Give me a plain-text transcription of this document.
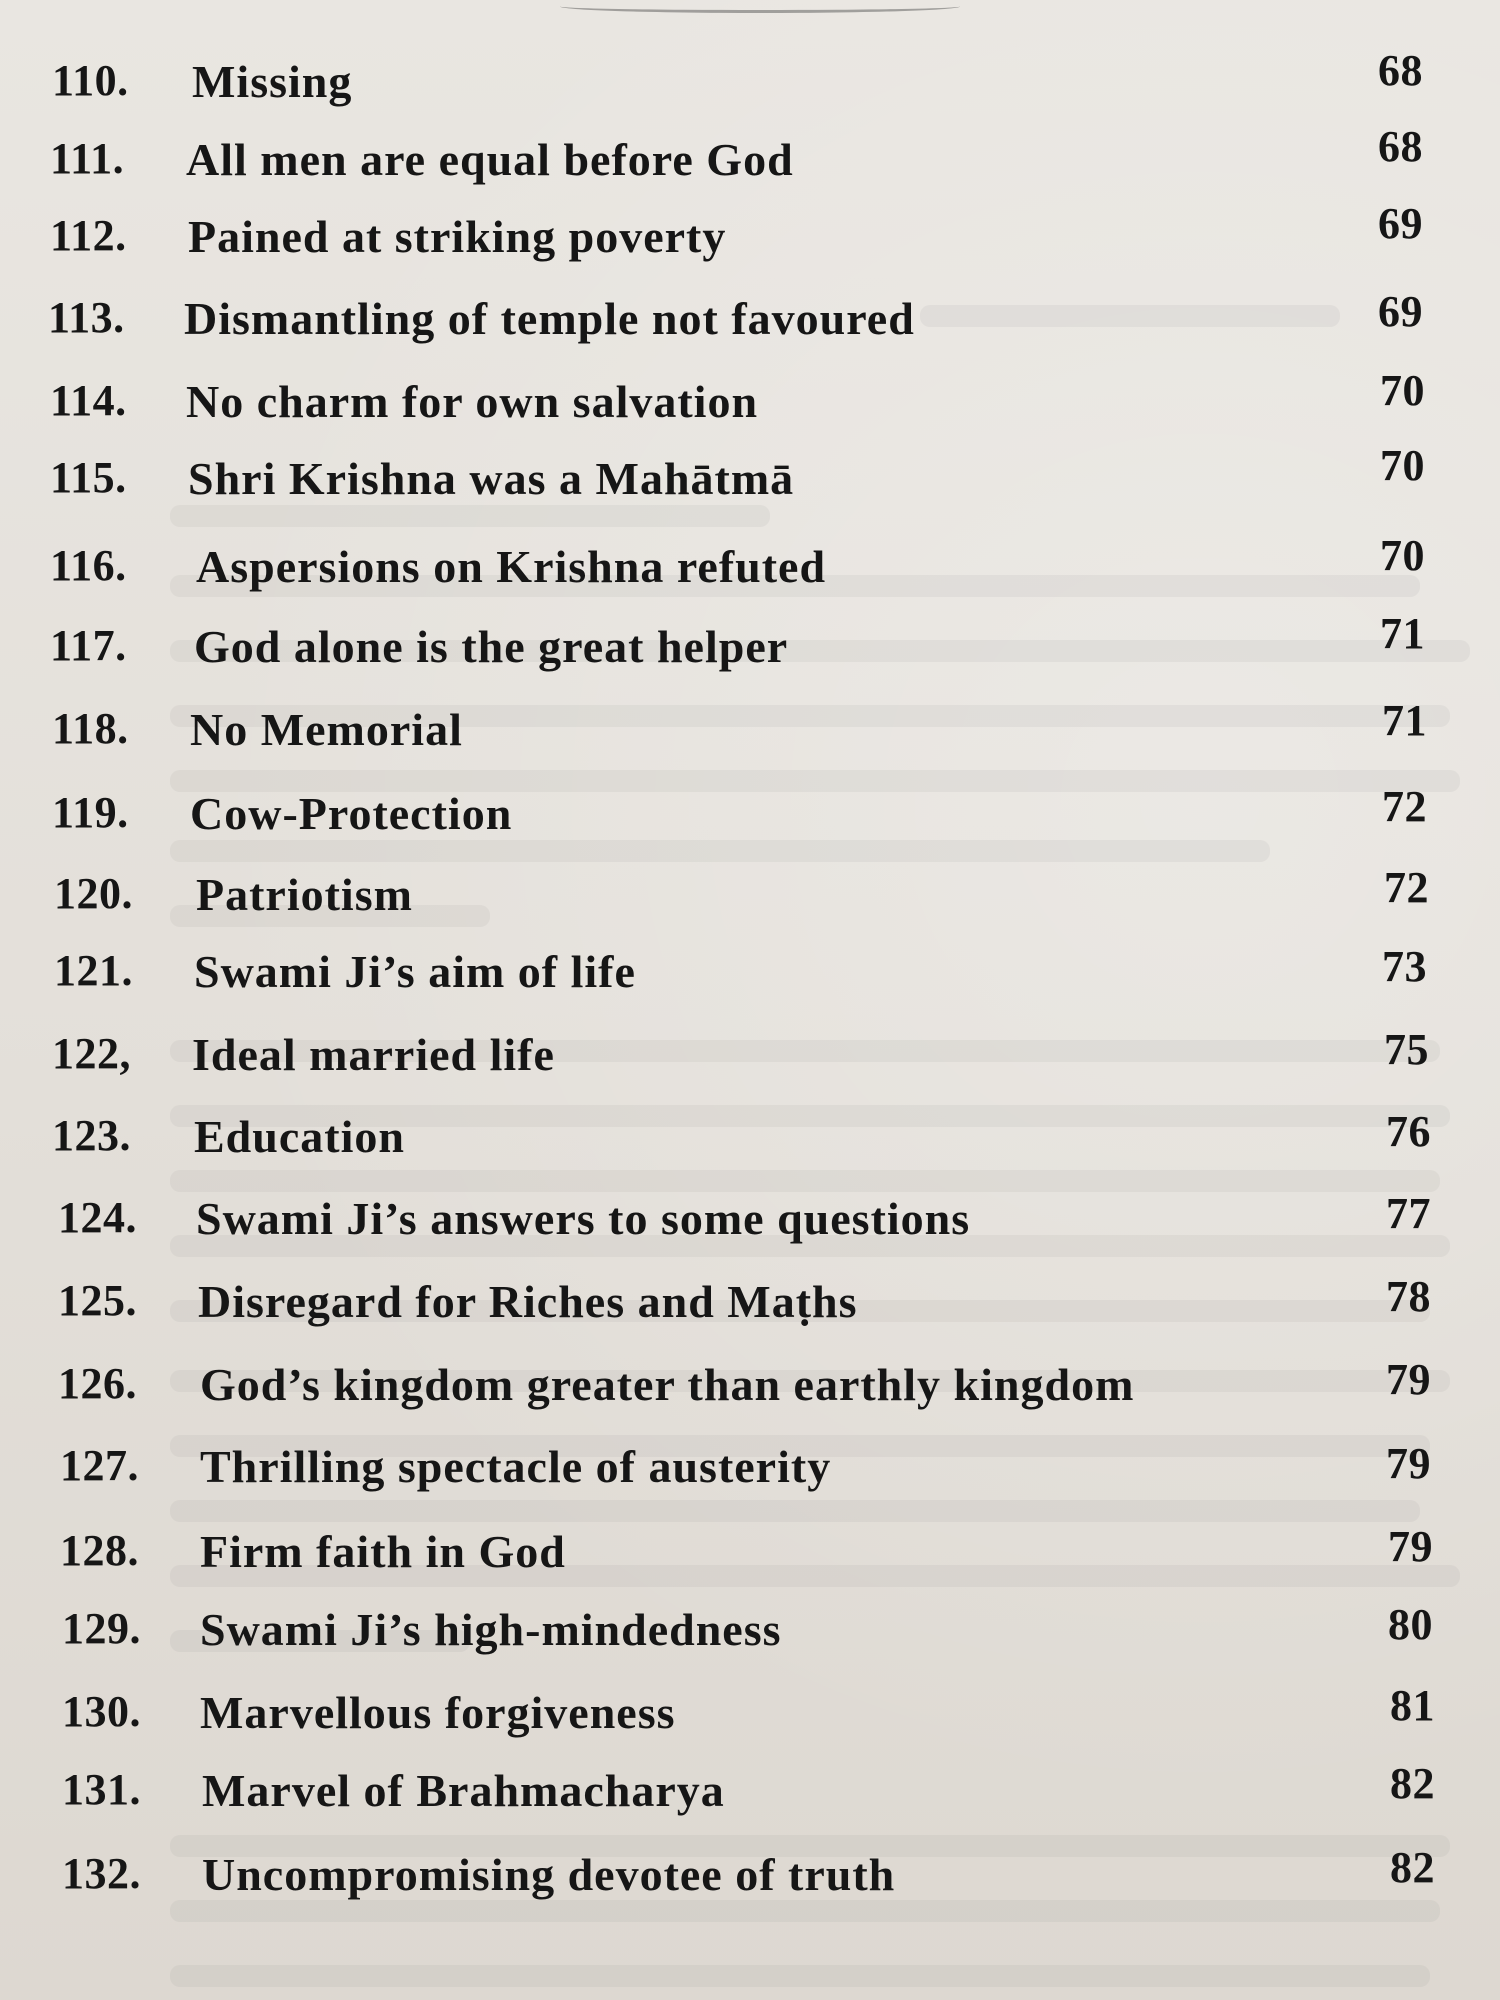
110. Missing	68
111. All men are equal before God	68
112. Pained at striking poverty	69
113. Dismantling of temple not favoured	69
114. No charm for own salvation	70
115. Shri Krishna was a Mahātmā	70
116. Aspersions on Krishna refuted	70
117. God alone is the great helper	71
118. No Memorial	71
119. Cow-Protection	72
120. Patriotism	72
121. Swami Ji’s aim of life	73
122, Ideal married life	75
123. Education	76
124. Swami Ji’s answers to some questions	77
125. Disregard for Riches and Maṭhs	78
126. God’s kingdom greater than earthly kingdom	79
127. Thrilling spectacle of austerity	79
128. Firm faith in God	79
129. Swami Ji’s high-mindedness	80
130. Marvellous forgiveness	81
131. Marvel of Brahmacharya	82
132. Uncompromising devotee of truth	82
